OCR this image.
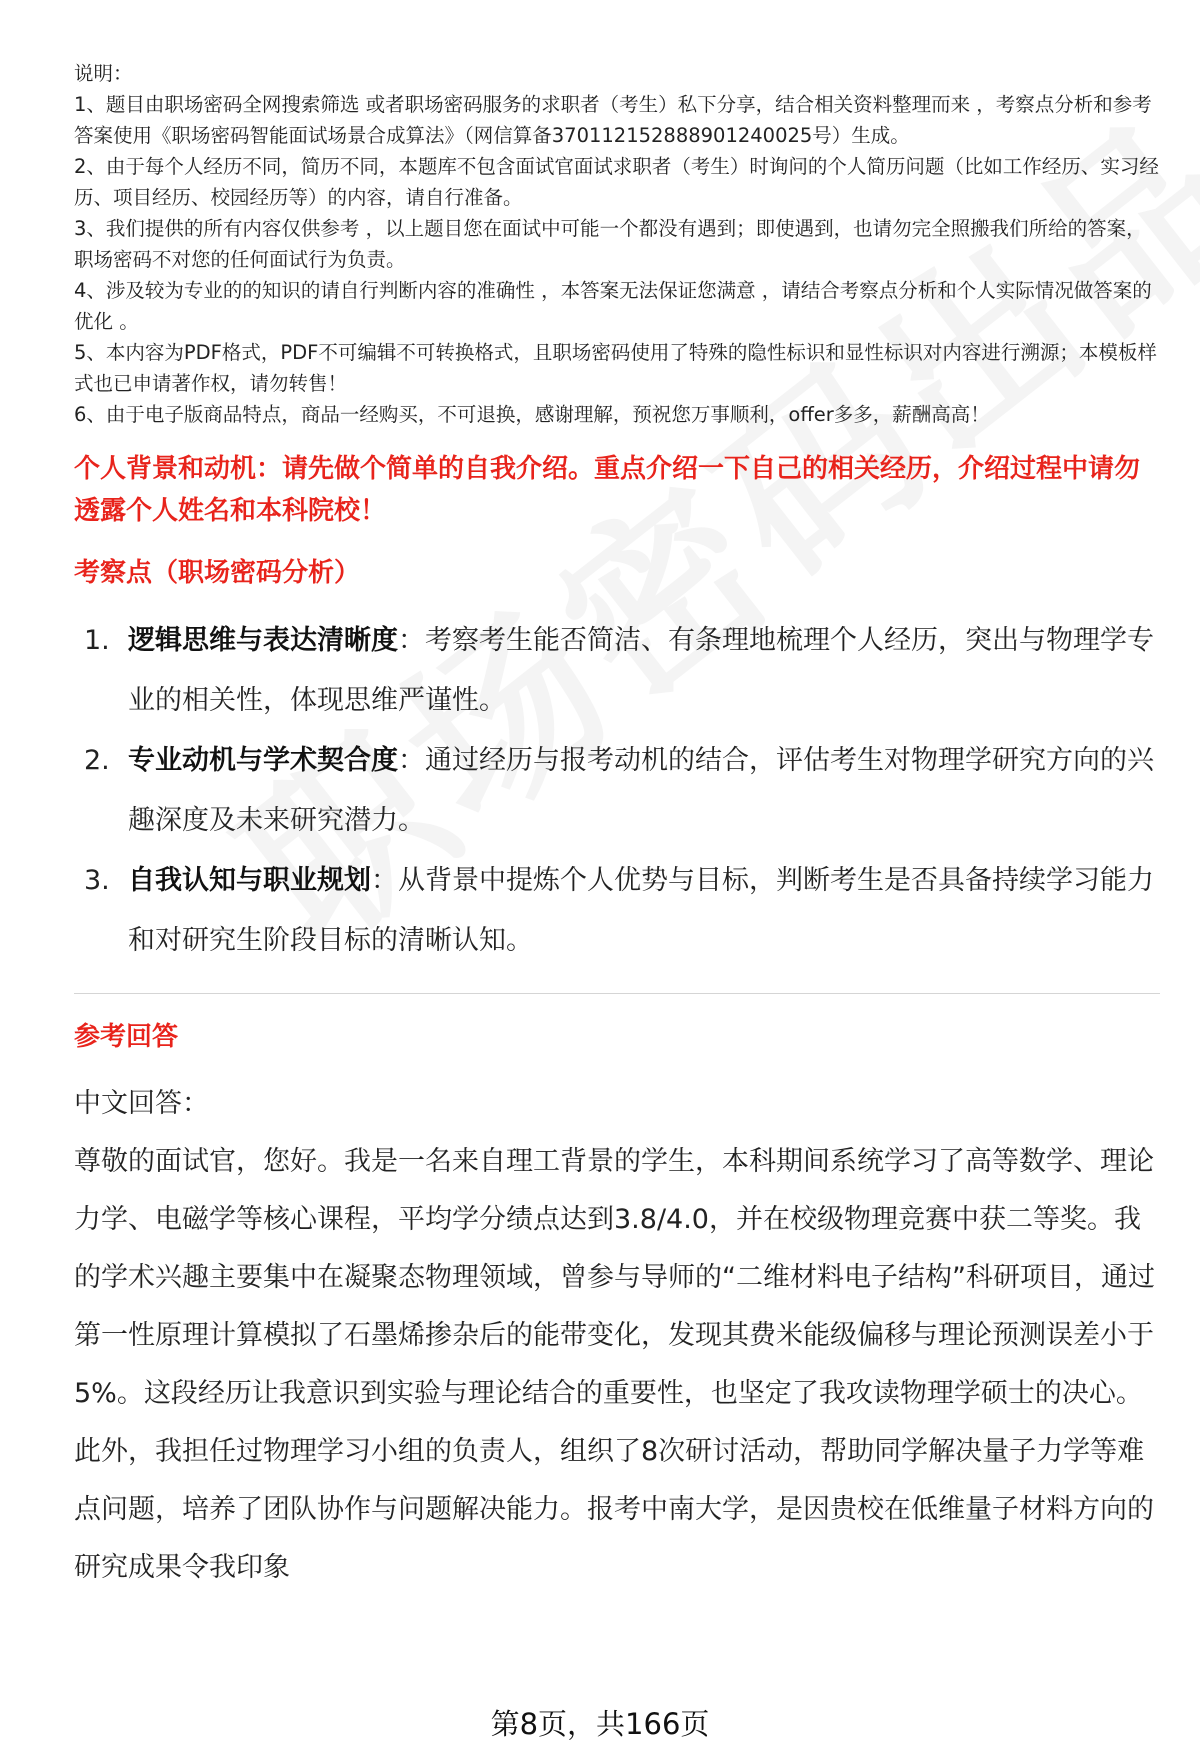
说明：

1、题目由职场密码全网搜索筛选 或者职场密码服务的求职者（考生）私下分享，结合相关资料整理而来 ，考察点分析和参考答案使用《职场密码智能面试场景合成算法》（网信算备370112152888901240025号）生成。

2、由于每个人经历不同，简历不同，本题库不包含面试官面试求职者（考生）时询问的个人简历问题（比如工作经历、实习经历、项目经历、校园经历等）的内容，请自行准备。

3、我们提供的所有内容仅供参考 ，以上题目您在面试中可能一个都没有遇到；即使遇到，也请勿完全照搬我们所给的答案，职场密码不对您的任何面试行为负责。

4、涉及较为专业的的知识的请自行判断内容的准确性 ，本答案无法保证您满意 ，请结合考察点分析和个人实际情况做答案的优化 。

5、本内容为PDF格式，PDF不可编辑不可转换格式，且职场密码使用了特殊的隐性标识和显性标识对内容进行溯源；本模板样式也已申请著作权，请勿转售！

6、由于电子版商品特点，商品一经购买，不可退换，感谢理解，预祝您万事顺利，offer多多，薪酬高高！

个人背景和动机：请先做个简单的自我介绍。重点介绍一下自己的相关经历，介绍过程中请勿透露个人姓名和本科院校！
考察点（职场密码分析）
1. 逻辑思维与表达清晰度：考察考生能否简洁、有条理地梳理个人经历，突出与物理学专业的相关性，体现思维严谨性。
2. 专业动机与学术契合度：通过经历与报考动机的结合，评估考生对物理学研究方向的兴趣深度及未来研究潜力。
3. 自我认知与职业规划：从背景中提炼个人优势与目标，判断考生是否具备持续学习能力和对研究生阶段目标的清晰认知。
参考回答

中文回答：

尊敬的面试官，您好。我是一名来自理工背景的学生，本科期间系统学习了高等数学、理论力学、电磁学等核心课程，平均学分绩点达到3.8/4.0，并在校级物理竞赛中获二等奖。我的学术兴趣主要集中在凝聚态物理领域，曾参与导师的“二维材料电子结构”科研项目，通过第一性原理计算模拟了石墨烯掺杂后的能带变化，发现其费米能级偏移与理论预测误差小于5%。这段经历让我意识到实验与理论结合的重要性，也坚定了我攻读物理学硕士的决心。此外，我担任过物理学习小组的负责人，组织了8次研讨活动，帮助同学解决量子力学等难点问题，培养了团队协作与问题解决能力。报考中南大学，是因贵校在低维量子材料方向的研究成果令我印象

第8页，共166页
